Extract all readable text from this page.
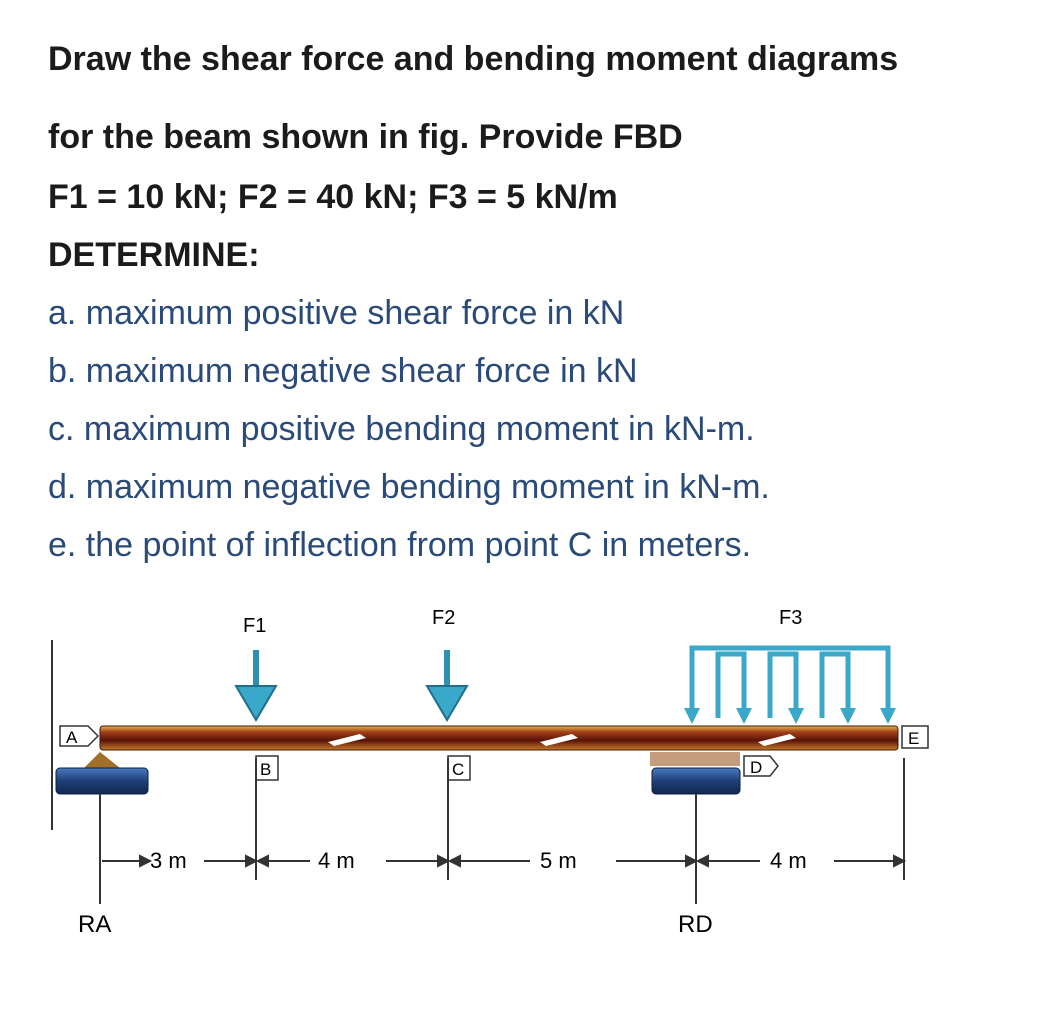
Draw the shear force and bending moment diagrams
for the beam shown in fig. Provide FBD
F1 = 10 kN; F2 = 40 kN; F3 = 5 kN/m
DETERMINE:
a. maximum positive shear force in kN
b. maximum negative shear force in kN
c. maximum positive bending moment in kN-m.
d. maximum negative bending moment in kN-m.
e. the point of inflection from point C in meters.
F1	F2	F3
A	E
B	C	D
3 m	4 m	5 m	4 m
RA	RD
